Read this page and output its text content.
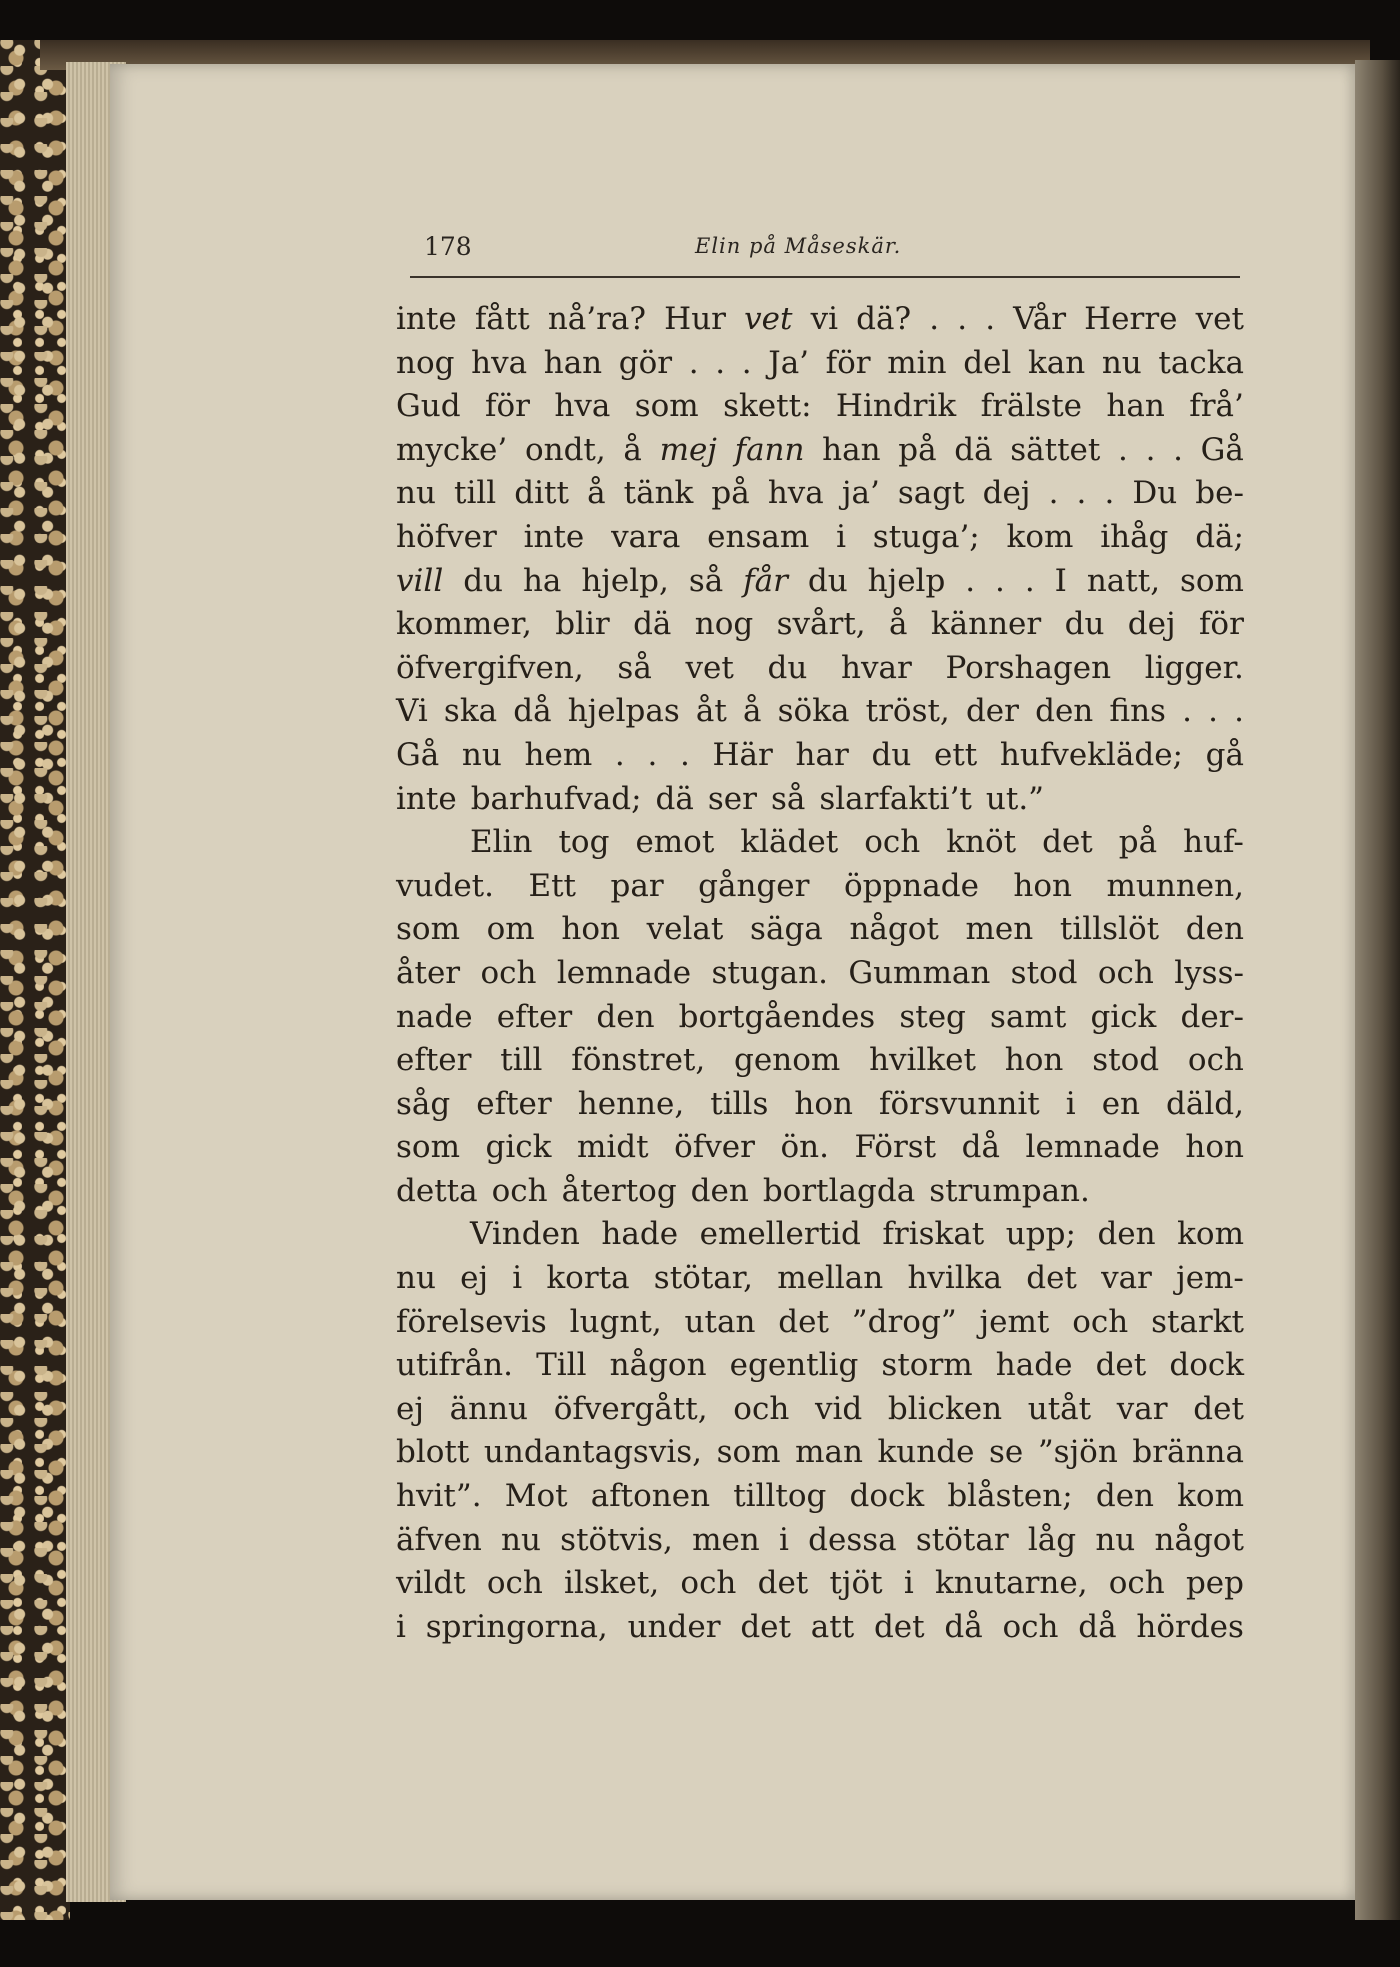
178	Elin på Måseskär.
inte fått nå’ra? Hur vet vi dä? . . . Vår Herre vet
nog hva han gör . . . Ja’ för min del kan nu tacka
Gud för hva som skett: Hindrik frälste han frå’
mycke’ ondt, å mej fann han på dä sättet . . . Gå
nu till ditt å tänk på hva ja’ sagt dej . . . Du be-
höfver inte vara ensam i stuga’; kom ihåg dä;
vill du ha hjelp, så får du hjelp . . . I natt, som
kommer, blir dä nog svårt, å känner du dej för
öfvergifven, så vet du hvar Porshagen ligger.
Vi ska då hjelpas åt å söka tröst, der den fins . . .
Gå nu hem . . . Här har du ett hufvekläde; gå
inte barhufvad; dä ser så slarfakti’t ut.”
Elin tog emot klädet och knöt det på huf-
vudet. Ett par gånger öppnade hon munnen,
som om hon velat säga något men tillslöt den
åter och lemnade stugan. Gumman stod och lyss-
nade efter den bortgåendes steg samt gick der-
efter till fönstret, genom hvilket hon stod och
såg efter henne, tills hon försvunnit i en däld,
som gick midt öfver ön. Först då lemnade hon
detta och återtog den bortlagda strumpan.
Vinden hade emellertid friskat upp; den kom
nu ej i korta stötar, mellan hvilka det var jem-
förelsevis lugnt, utan det ”drog” jemt och starkt
utifrån. Till någon egentlig storm hade det dock
ej ännu öfvergått, och vid blicken utåt var det
blott undantagsvis, som man kunde se ”sjön bränna
hvit”. Mot aftonen tilltog dock blåsten; den kom
äfven nu stötvis, men i dessa stötar låg nu något
vildt och ilsket, och det tjöt i knutarne, och pep
i springorna, under det att det då och då hördes
